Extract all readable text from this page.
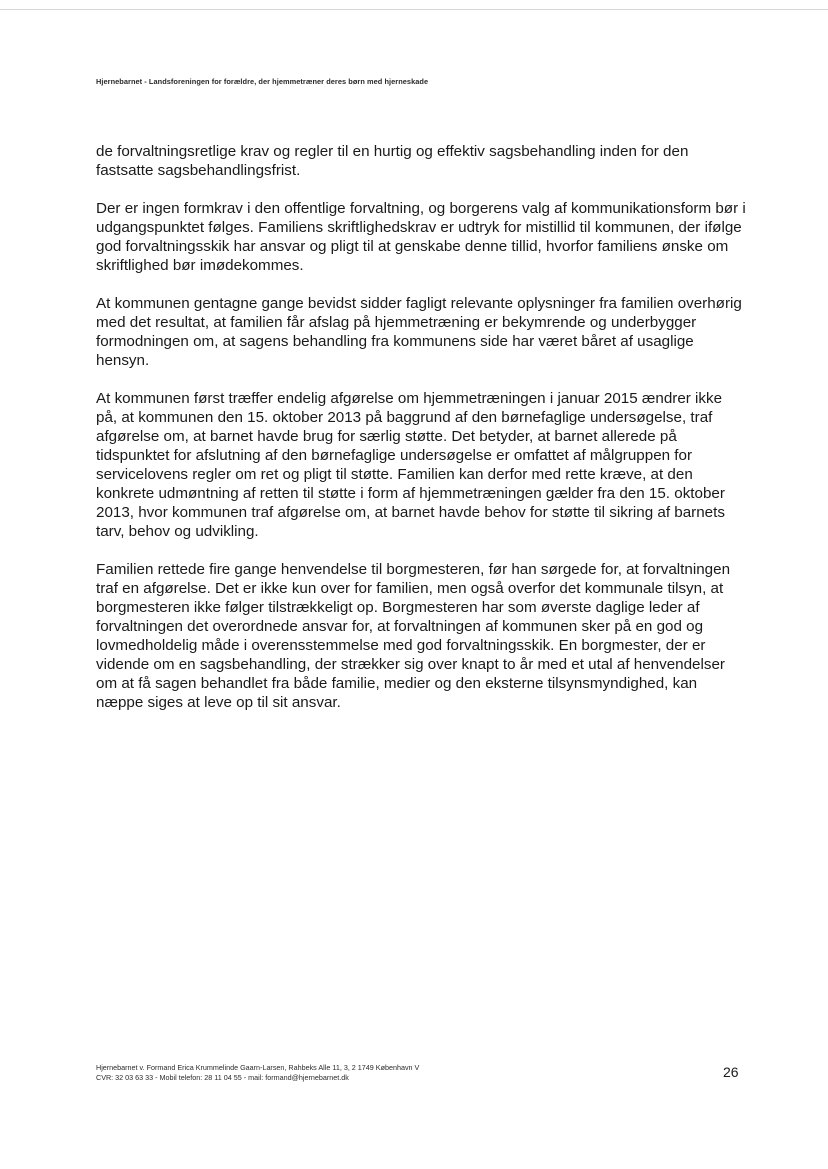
Hjernebarnet - Landsforeningen for forældre, der hjemmetræner deres børn med hjerneskade

de forvaltningsretlige krav og regler til en hurtig og effektiv sagsbehandling inden for den fastsatte sagsbehandlingsfrist.

Der er ingen formkrav i den offentlige forvaltning, og borgerens valg af kommunikationsform bør i udgangspunktet følges. Familiens skriftlighedskrav er udtryk for mistillid til kommunen, der ifølge god forvaltningsskik har ansvar og pligt til at genskabe denne tillid, hvorfor familiens ønske om skriftlighed bør imødekommes.

At kommunen gentagne gange bevidst sidder fagligt relevante oplysninger fra familien overhørig med det resultat, at familien får afslag på hjemmetræning er bekymrende og underbygger formodningen om, at sagens behandling fra kommunens side har været båret af usaglige hensyn.

At kommunen først træffer endelig afgørelse om hjemmetræningen i januar 2015 ændrer ikke på, at kommunen den 15. oktober 2013 på baggrund af den børnefaglige undersøgelse, traf afgørelse om, at barnet havde brug for særlig støtte. Det betyder, at barnet allerede på tidspunktet for afslutning af den børnefaglige undersøgelse er omfattet af målgruppen for servicelovens regler om ret og pligt til støtte. Familien kan derfor med rette kræve, at den konkrete udmøntning af retten til støtte i form af hjemmetræningen gælder fra den 15. oktober 2013, hvor kommunen traf afgørelse om, at barnet havde behov for støtte til sikring af barnets tarv, behov og udvikling.

Familien rettede fire gange henvendelse til borgmesteren, før han sørgede for, at forvaltningen traf en afgørelse. Det er ikke kun over for familien, men også overfor det kommunale tilsyn, at borgmesteren ikke følger tilstrækkeligt op. Borgmesteren har som øverste daglige leder af forvaltningen det overordnede ansvar for, at forvaltningen af kommunen sker på en god og lovmedholdelig måde i overensstemmelse med god forvaltningsskik. En borgmester, der er vidende om en sagsbehandling, der strækker sig over knapt to år med et utal af henvendelser om at få sagen behandlet fra både familie, medier og den eksterne tilsynsmyndighed, kan næppe siges at leve op til sit ansvar.

Hjernebarnet v. Formand Erica Krummelinde Gaarn-Larsen, Rahbeks Alle 11, 3, 2 1749 København V
CVR: 32 03 63 33 - Mobil telefon: 28 11 04 55 - mail: formand@hjernebarnet.dk	26
